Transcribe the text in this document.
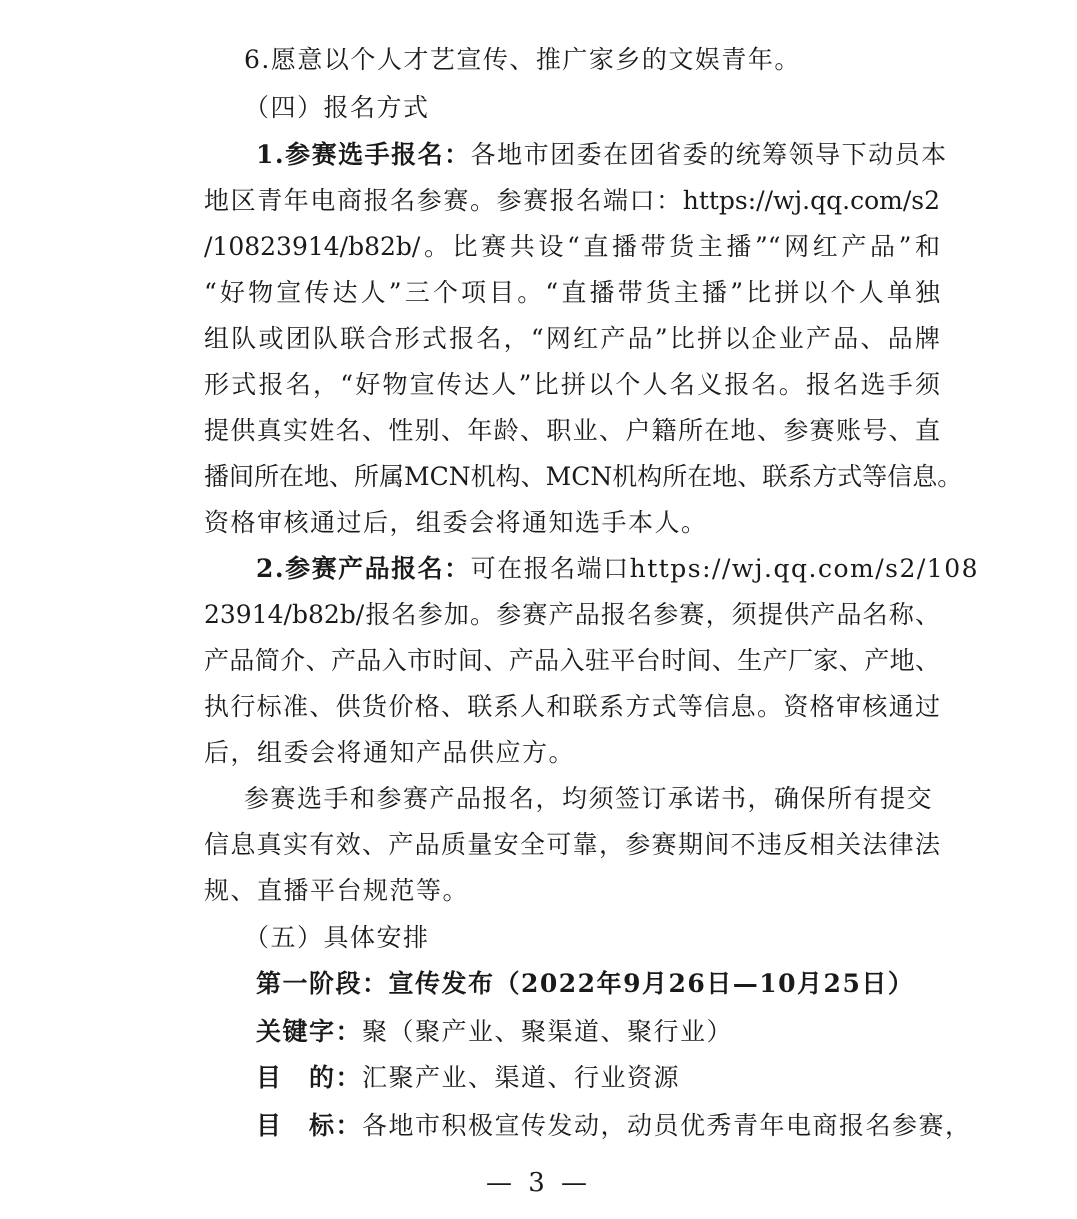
6.愿意以个人才艺宣传、推广家乡的文娱青年。
（四）报名方式
1.参赛选手报名：各地市团委在团省委的统筹领导下动员本
地区青年电商报名参赛。参赛报名端口：https://wj.qq.com/s2
/10823914/b82b/。比赛共设“直播带货主播”“网红产品”和
“好物宣传达人”三个项目。“直播带货主播”比拼以个人单独
组队或团队联合形式报名，“网红产品”比拼以企业产品、品牌
形式报名，“好物宣传达人”比拼以个人名义报名。报名选手须
提供真实姓名、性别、年龄、职业、户籍所在地、参赛账号、直
播间所在地、所属MCN机构、MCN机构所在地、联系方式等信息。
资格审核通过后，组委会将通知选手本人。
2.参赛产品报名：可在报名端口https://wj.qq.com/s2/108
23914/b82b/报名参加。参赛产品报名参赛，须提供产品名称、
产品简介、产品入市时间、产品入驻平台时间、生产厂家、产地、
执行标准、供货价格、联系人和联系方式等信息。资格审核通过
后，组委会将通知产品供应方。
参赛选手和参赛产品报名，均须签订承诺书，确保所有提交
信息真实有效、产品质量安全可靠，参赛期间不违反相关法律法
规、直播平台规范等。
（五）具体安排
第一阶段：宣传发布（2022年9月26日—10月25日）
关键字：聚（聚产业、聚渠道、聚行业）
目　的：汇聚产业、渠道、行业资源
目　标：各地市积极宣传发动，动员优秀青年电商报名参赛，
— 3 —
